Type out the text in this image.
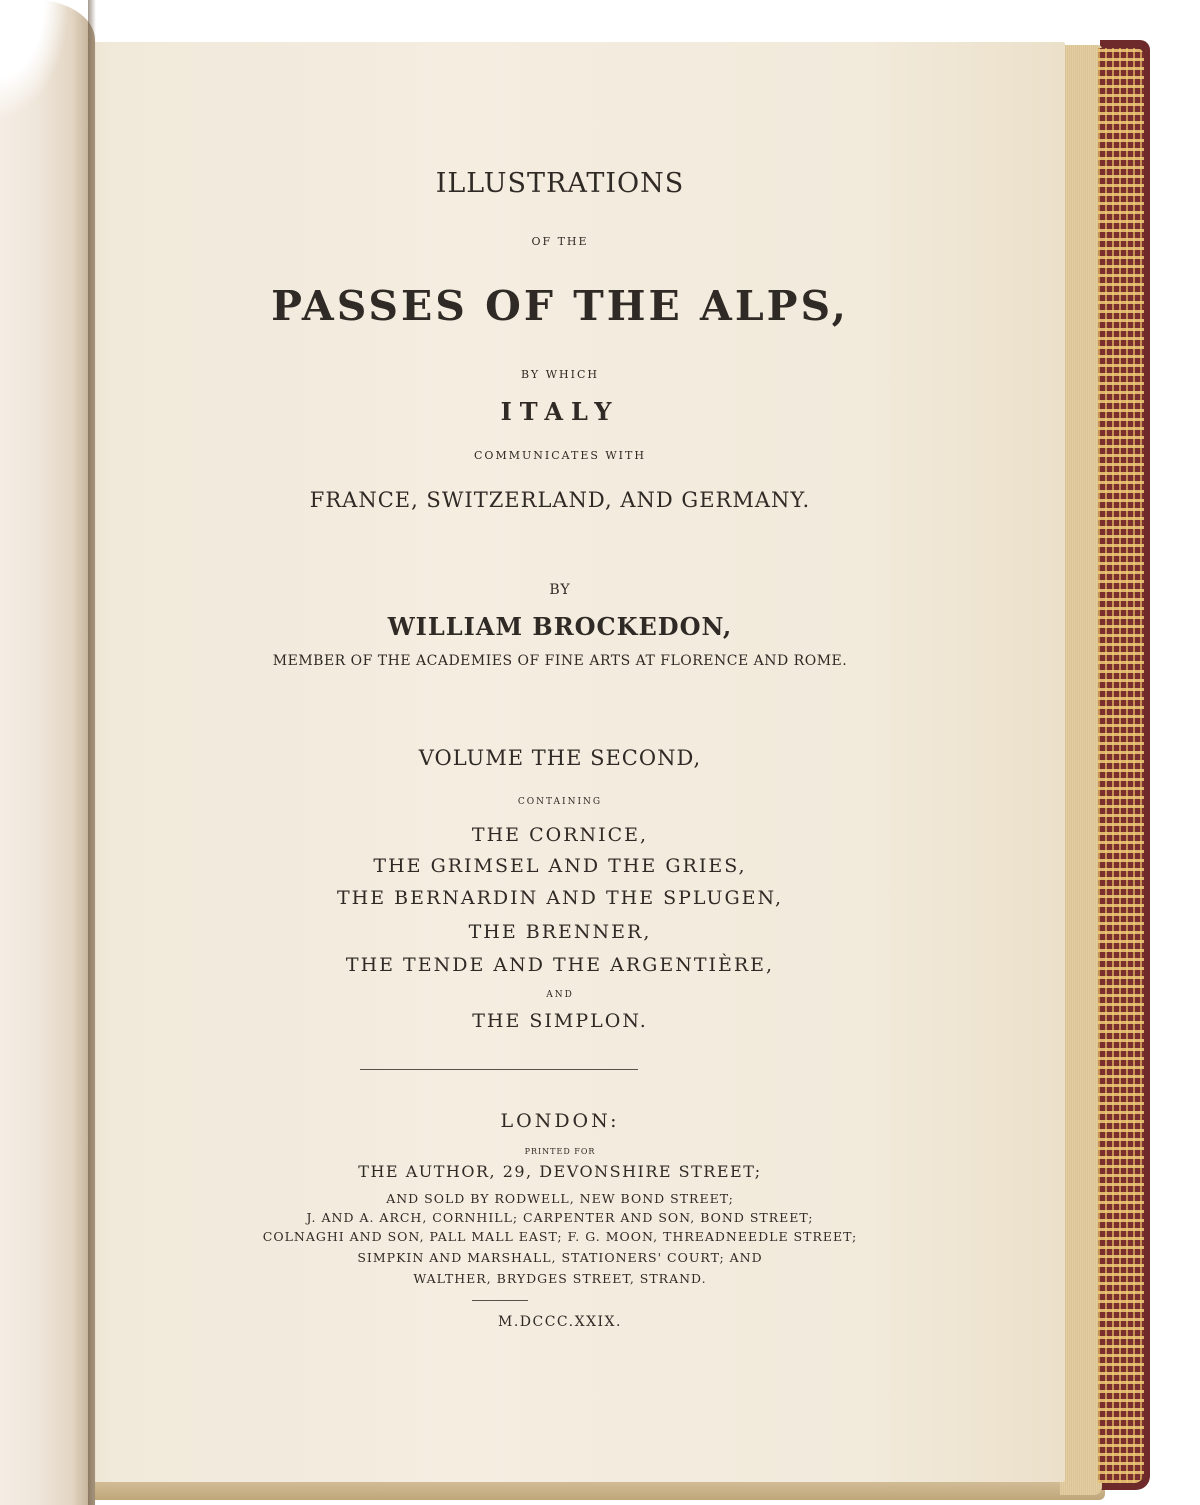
ILLUSTRATIONS
OF THE
PASSES OF THE ALPS,
BY WHICH
ITALY
COMMUNICATES WITH
FRANCE, SWITZERLAND, AND GERMANY.
BY
WILLIAM BROCKEDON,
MEMBER OF THE ACADEMIES OF FINE ARTS AT FLORENCE AND ROME.
VOLUME THE SECOND,
CONTAINING
THE CORNICE,
THE GRIMSEL AND THE GRIES,
THE BERNARDIN AND THE SPLUGEN,
THE BRENNER,
THE TENDE AND THE ARGENTIÈRE,
AND
THE SIMPLON.
LONDON:
PRINTED FOR
THE AUTHOR, 29, DEVONSHIRE STREET;
AND SOLD BY RODWELL, NEW BOND STREET;
J. AND A. ARCH, CORNHILL; CARPENTER AND SON, BOND STREET;
COLNAGHI AND SON, PALL MALL EAST; F. G. MOON, THREADNEEDLE STREET;
SIMPKIN AND MARSHALL, STATIONERS' COURT; AND
WALTHER, BRYDGES STREET, STRAND.
M.DCCC.XXIX.
